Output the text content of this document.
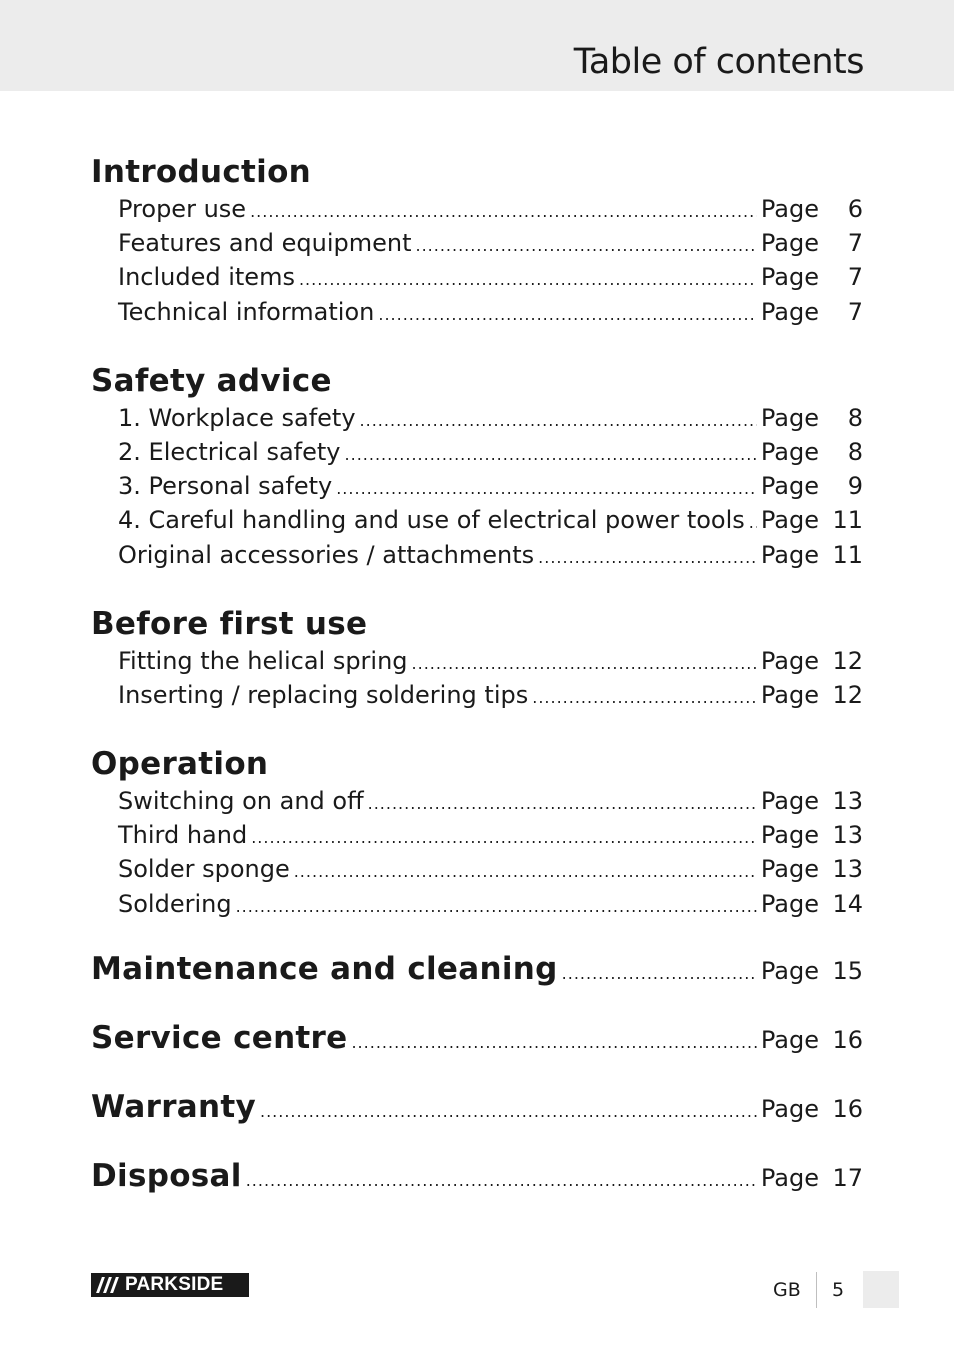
Table of contents
Introduction
Proper use .....	Page	6
Features and equipment .....	Page	7
Included items .....	Page	7
Technical information .....	Page	7
Safety advice
1. Workplace safety .....	Page	8
2. Electrical safety .....	Page	8
3. Personal safety .....	Page	9
4. Careful handling and use of electrical power tools ..... Page 11
Original accessories / attachments .....	Page 11
Before first use
Fitting the helical spring .....	Page 12
Inserting / replacing soldering tips .....	Page 12
Operation
Switching on and off .....	Page 13
Third hand .....	Page 13
Solder sponge .....	Page 13
Soldering .....	Page 14
Maintenance and cleaning .....	Page 15
Service centre .....	Page 16
Warranty .....	Page 16
Disposal .....	Page 17
PARKSIDE	GB 5
